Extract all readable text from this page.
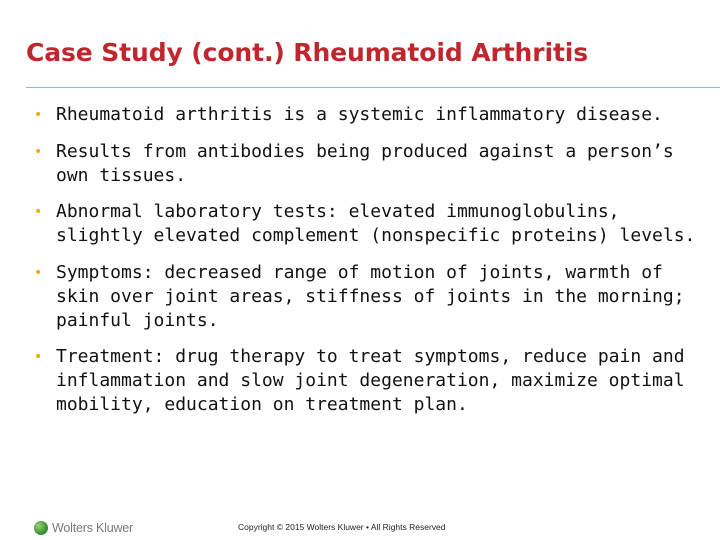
Case Study (cont.) Rheumatoid Arthritis
• Rheumatoid arthritis is a systemic inflammatory disease.
• Results from antibodies being produced against a person’s own tissues.
• Abnormal laboratory tests: elevated immunoglobulins, slightly elevated complement (nonspecific proteins) levels.
• Symptoms: decreased range of motion of joints, warmth of skin over joint areas, stiffness of joints in the morning; painful joints.
• Treatment: drug therapy to treat symptoms, reduce pain and inflammation and slow joint degeneration, maximize optimal mobility, education on treatment plan.
Wolters Kluwer	Copyright © 2015 Wolters Kluwer • All Rights Reserved
